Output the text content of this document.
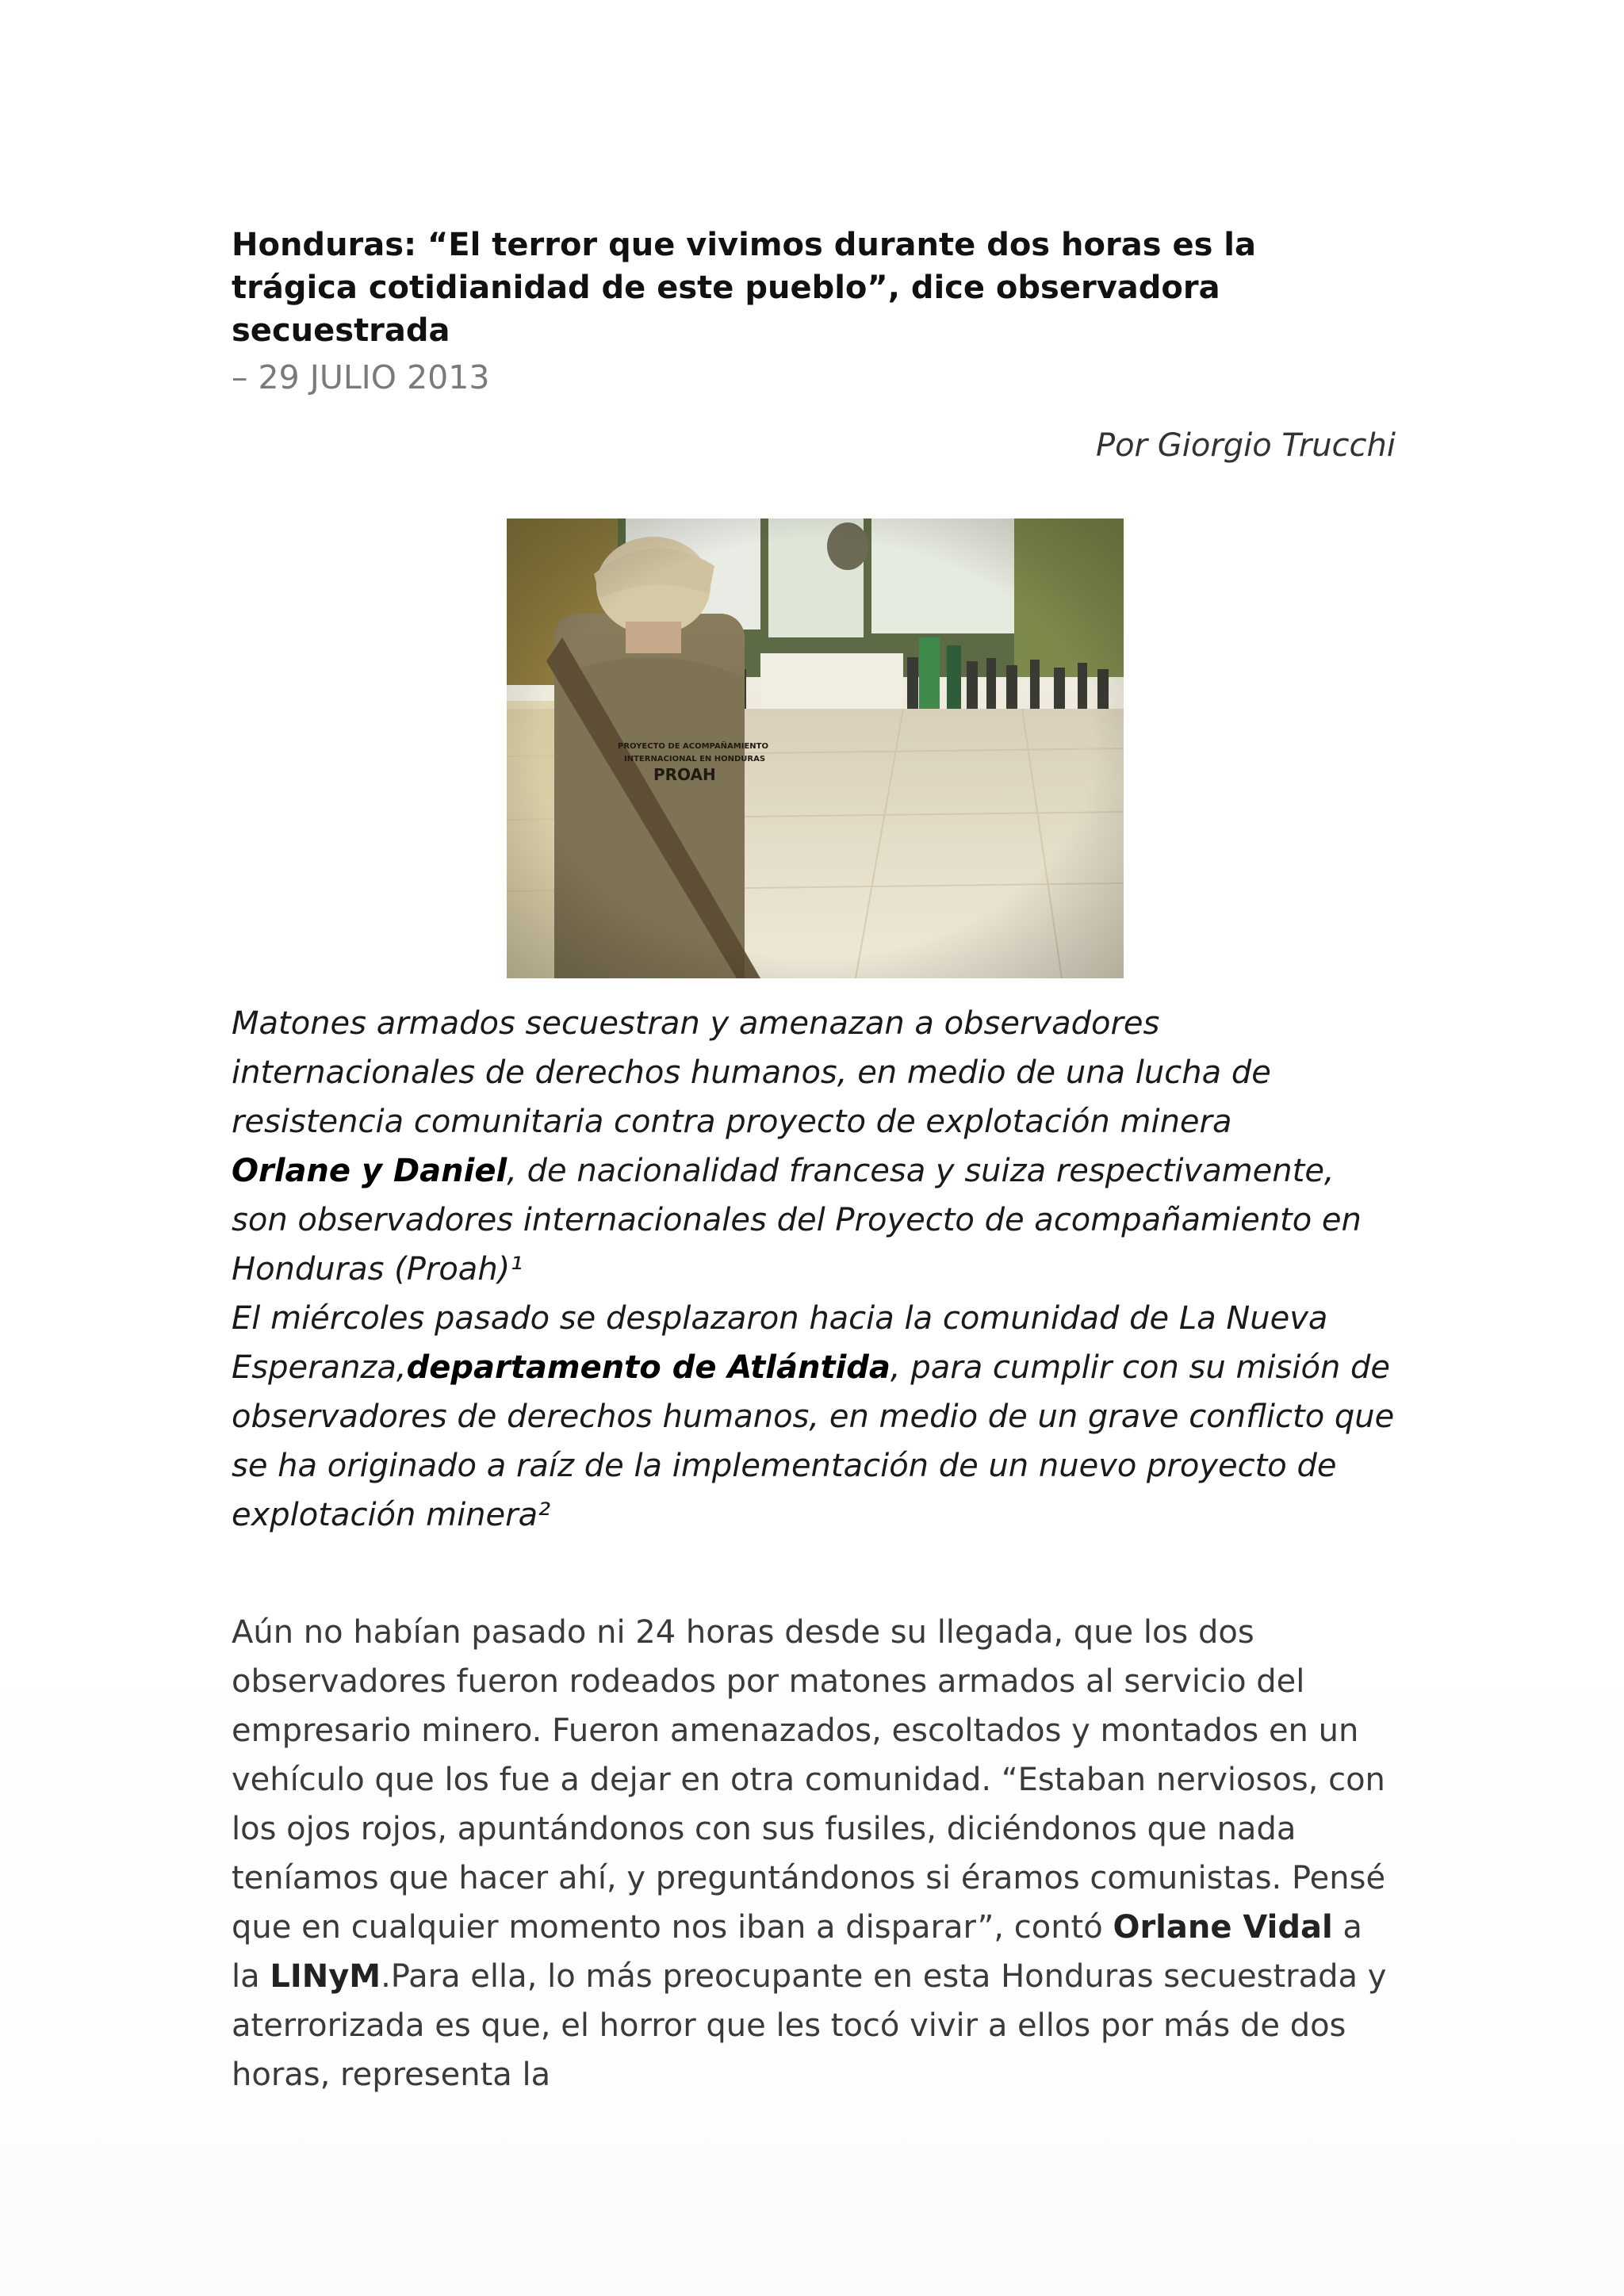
Honduras: “El terror que vivimos durante dos horas es la trágica cotidianidad de este pueblo”, dice observadora secuestrada
– 29 JULIO 2013
Por Giorgio Trucchi

Matones armados secuestran y amenazan a observadores internacionales de derechos humanos, en medio de una lucha de resistencia comunitaria contra proyecto de explotación minera
Orlane y Daniel, de nacionalidad francesa y suiza respectivamente, son observadores internacionales del Proyecto de acompañamiento en Honduras (Proah)¹
El miércoles pasado se desplazaron hacia la comunidad de La Nueva Esperanza,departamento de Atlántida, para cumplir con su misión de observadores de derechos humanos, en medio de un grave conflicto que se ha originado a raíz de la implementación de un nuevo proyecto de explotación minera²

Aún no habían pasado ni 24 horas desde su llegada, que los dos observadores fueron rodeados por matones armados al servicio del empresario minero. Fueron amenazados, escoltados y montados en un vehículo que los fue a dejar en otra comunidad. “Estaban nerviosos, con los ojos rojos, apuntándonos con sus fusiles, diciéndonos que nada teníamos que hacer ahí, y preguntándonos si éramos comunistas. Pensé que en cualquier momento nos iban a disparar”, contó Orlane Vidal a la LINyM.Para ella, lo más preocupante en esta Honduras secuestrada y aterrorizada es que, el horror que les tocó vivir a ellos por más de dos horas, representa la
